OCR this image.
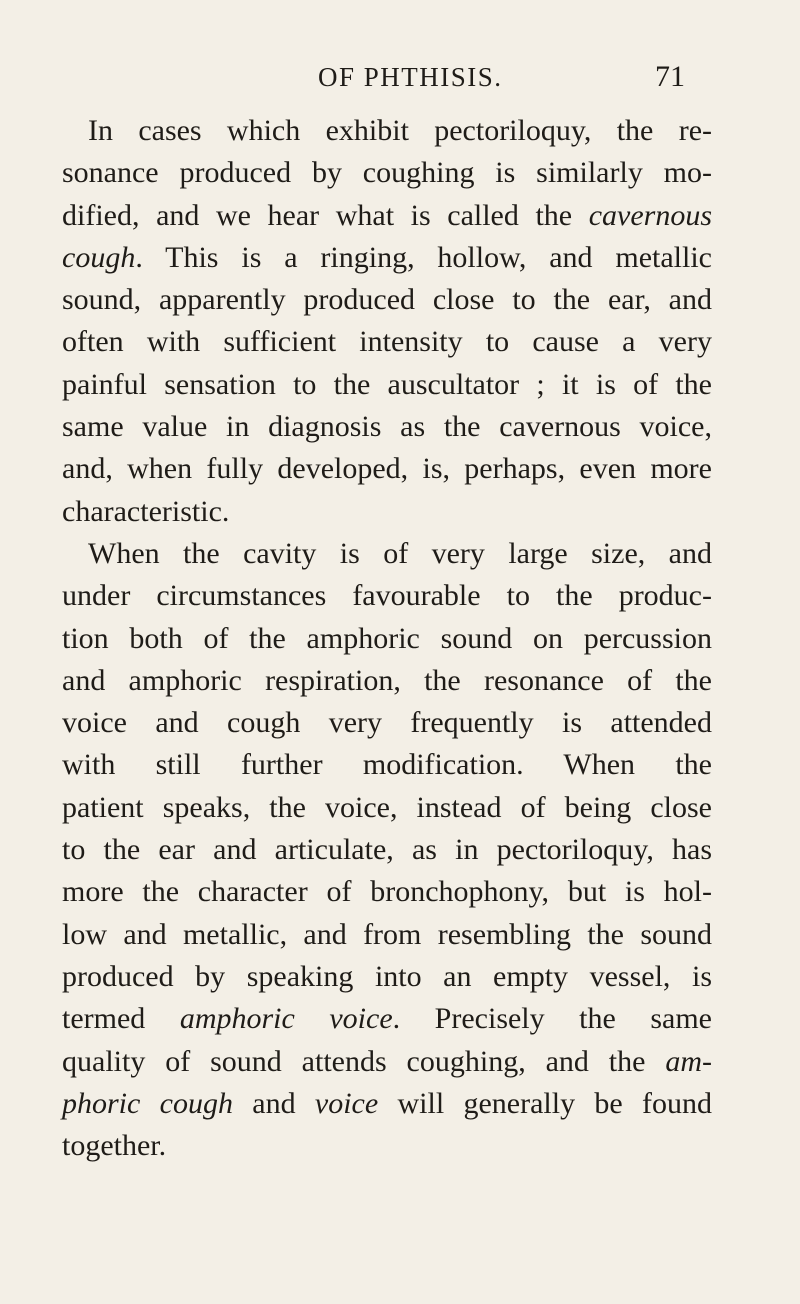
OF PHTHISIS.	71
In cases which exhibit pectoriloquy, the re-
sonance produced by coughing is similarly mo-
dified, and we hear what is called the cavernous
cough. This is a ringing, hollow, and metallic
sound, apparently produced close to the ear, and
often with sufficient intensity to cause a very
painful sensation to the auscultator ; it is of the
same value in diagnosis as the cavernous voice,
and, when fully developed, is, perhaps, even more
characteristic.
When the cavity is of very large size, and
under circumstances favourable to the produc-
tion both of the amphoric sound on percussion
and amphoric respiration, the resonance of the
voice and cough very frequently is attended
with still further modification. When the
patient speaks, the voice, instead of being close
to the ear and articulate, as in pectoriloquy, has
more the character of bronchophony, but is hol-
low and metallic, and from resembling the sound
produced by speaking into an empty vessel, is
termed amphoric voice. Precisely the same
quality of sound attends coughing, and the am-
phoric cough and voice will generally be found
together.
